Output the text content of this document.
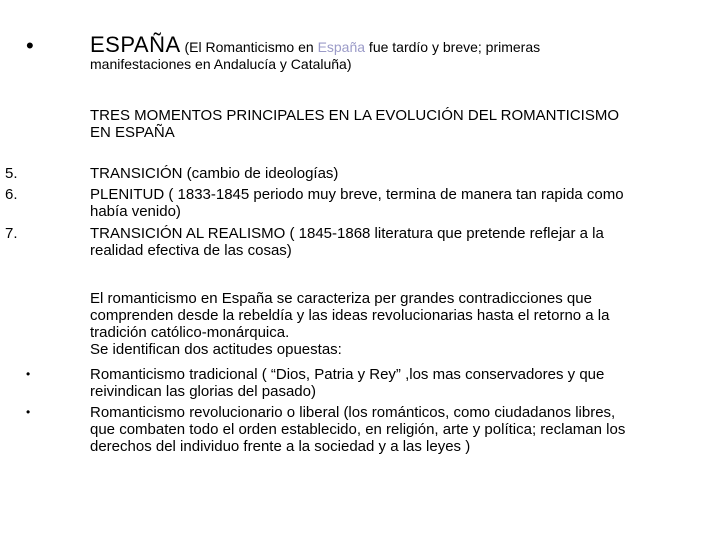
•	ESPAÑA (El Romanticismo en España fue tardío y breve; primeras
manifestaciones en Andalucía y Cataluña)
TRES MOMENTOS PRINCIPALES EN LA EVOLUCIÓN DEL ROMANTICISMO
EN ESPAÑA
5.	TRANSICIÓN (cambio de ideologías)
6.	PLENITUD ( 1833-1845 periodo muy breve, termina de manera tan rapida como
había venido)
7.	TRANSICIÓN AL REALISMO ( 1845-1868 literatura que pretende reflejar a la
realidad efectiva de las cosas)
El romanticismo en España se caracteriza per grandes contradicciones que
comprenden desde la rebeldía y las ideas revolucionarias hasta el retorno a la
tradición católico-monárquica.
Se identifican dos actitudes opuestas:
•	Romanticismo tradicional ( “Dios, Patria y Rey” ,los mas conservadores y que
reivindican las glorias del pasado)
•	Romanticismo revolucionario o liberal (los románticos, como ciudadanos libres,
que combaten todo el orden establecido, en religión, arte y política; reclaman los
derechos del individuo frente a la sociedad y a las leyes )
